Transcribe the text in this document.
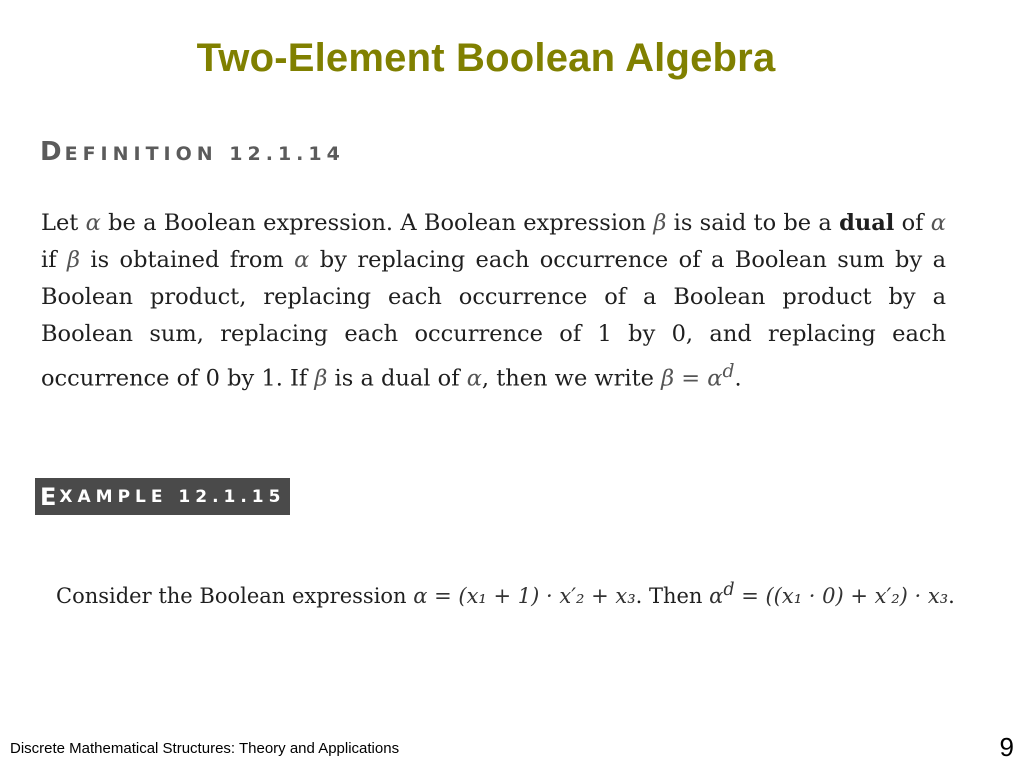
Two-Element Boolean Algebra
DEFINITION 12.1.14
Let α be a Boolean expression. A Boolean expression β is said to be a dual of α if β is obtained from α by replacing each occurrence of a Boolean sum by a Boolean product, replacing each occurrence of a Boolean product by a Boolean sum, replacing each occurrence of 1 by 0, and replacing each occurrence of 0 by 1. If β is a dual of α, then we write $\beta = \alpha^d$.
E XAMPLE 12.1.15
Consider the Boolean expression α = (x₁ + 1) · x′₂ + x₃. Then $\alpha^d = ((x_1 \cdot 0) + x'_2) \cdot x_3$.
Discrete Mathematical Structures: Theory and Applications	9
